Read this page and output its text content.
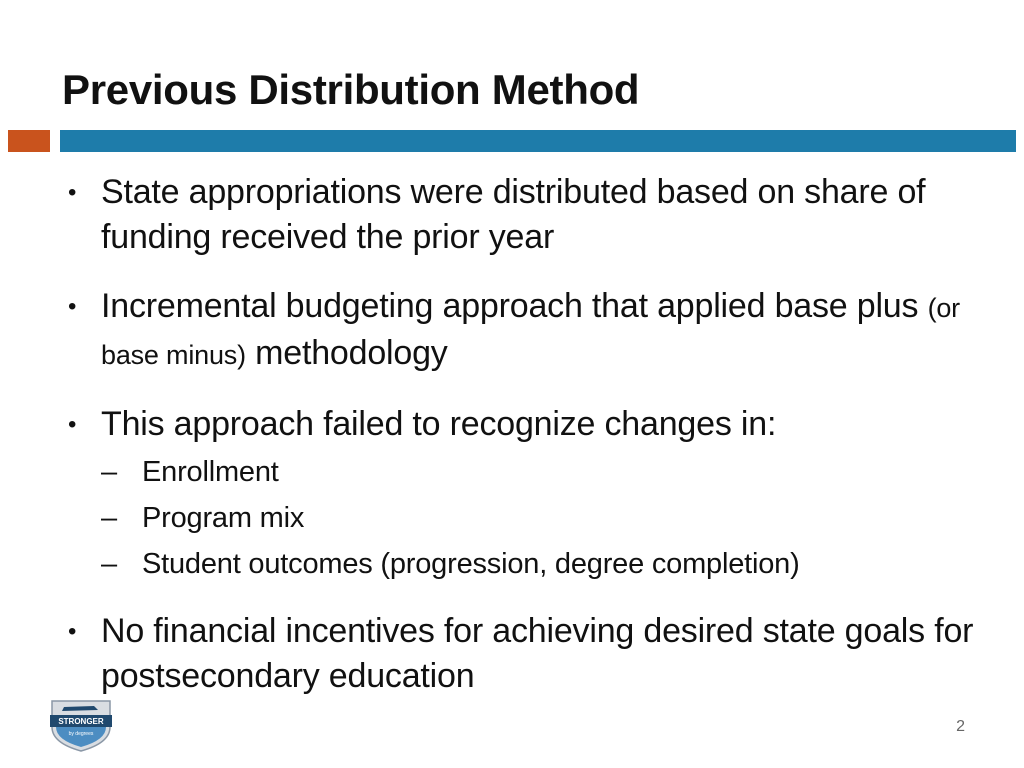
Previous Distribution Method
• State appropriations were distributed based on share of funding received the prior year
• Incremental budgeting approach that applied base plus (or base minus) methodology
• This approach failed to recognize changes in:
– Enrollment
– Program mix
– Student outcomes (progression, degree completion)
• No financial incentives for achieving desired state goals for postsecondary education
STRONGER
by degrees	2
